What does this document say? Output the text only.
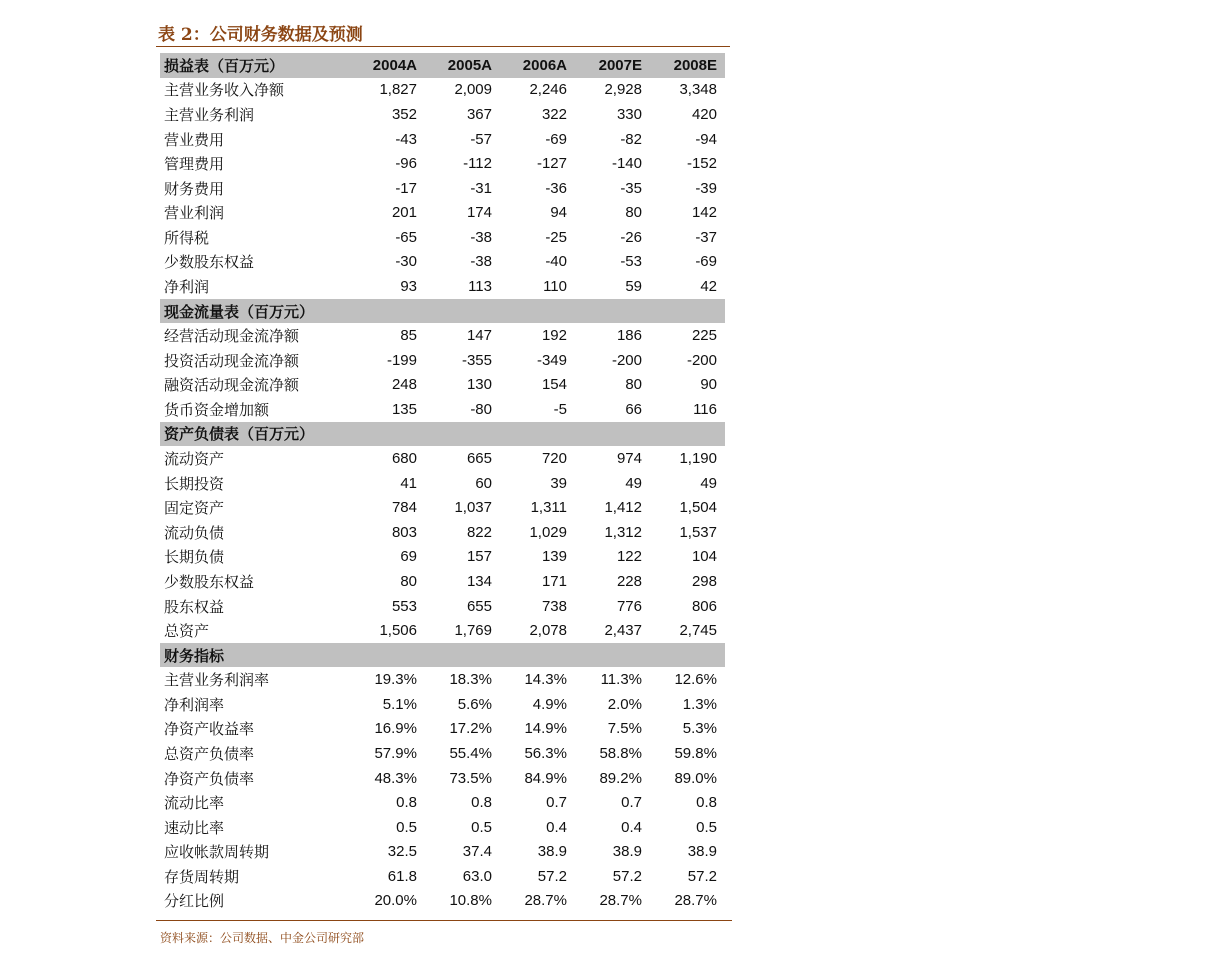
表 2：公司财务数据及预测
损益表（百万元）	2004A	2005A	2006A	2007E	2008E
主营业务收入净额	1,827	2,009	2,246	2,928	3,348
主营业务利润	352	367	322	330	420
营业费用	-43	-57	-69	-82	-94
管理费用	-96	-112	-127	-140	-152
财务费用	-17	-31	-36	-35	-39
营业利润	201	174	94	80	142
所得税	-65	-38	-25	-26	-37
少数股东权益	-30	-38	-40	-53	-69
净利润	93	113	110	59	42
现金流量表（百万元）					
经营活动现金流净额	85	147	192	186	225
投资活动现金流净额	-199	-355	-349	-200	-200
融资活动现金流净额	248	130	154	80	90
货币资金增加额	135	-80	-5	66	116
资产负债表（百万元）					
流动资产	680	665	720	974	1,190
长期投资	41	60	39	49	49
固定资产	784	1,037	1,311	1,412	1,504
流动负债	803	822	1,029	1,312	1,537
长期负债	69	157	139	122	104
少数股东权益	80	134	171	228	298
股东权益	553	655	738	776	806
总资产	1,506	1,769	2,078	2,437	2,745
财务指标					
主营业务利润率	19.3%	18.3%	14.3%	11.3%	12.6%
净利润率	5.1%	5.6%	4.9%	2.0%	1.3%
净资产收益率	16.9%	17.2%	14.9%	7.5%	5.3%
总资产负债率	57.9%	55.4%	56.3%	58.8%	59.8%
净资产负债率	48.3%	73.5%	84.9%	89.2%	89.0%
流动比率	0.8	0.8	0.7	0.7	0.8
速动比率	0.5	0.5	0.4	0.4	0.5
应收帐款周转期	32.5	37.4	38.9	38.9	38.9
存货周转期	61.8	63.0	57.2	57.2	57.2
分红比例	20.0%	10.8%	28.7%	28.7%	28.7%
资料来源：公司数据、中金公司研究部
